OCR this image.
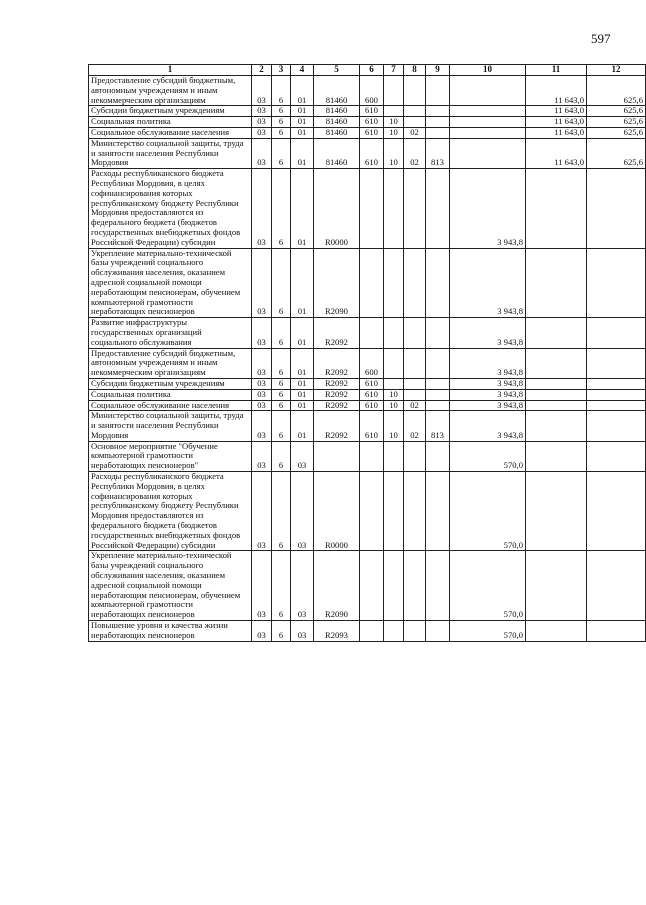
597
1	2	3	4	5	6	7	8	9	10	11	12
Предоставление субсидий бюджетным, автономным учреждениям и иным некоммерческим организациям	03	6	01	81460	600					11 643,0	625,6
Субсидии бюджетным учреждениям	03	6	01	81460	610					11 643,0	625,6
Социальная политика	03	6	01	81460	610	10				11 643,0	625,6
Социальное обслуживание населения	03	6	01	81460	610	10	02			11 643,0	625,6
Министерство социальной защиты, труда и занятости населения Республики Мордовия	03	6	01	81460	610	10	02	813		11 643,0	625,6
Расходы республиканского бюджета Республики Мордовия, в целях софинансирования которых республиканскому бюджету Республики Мордовия предоставляются из федерального бюджета (бюджетов государственных внебюджетных фондов Российской Федерации) субсидии	03	6	01	R0000					3 943,8		
Укрепление материально-технической базы учреждений социального обслуживания населения, оказанием адресной социальной помощи неработающим пенсионерам, обучением компьютерной грамотности неработающих пенсионеров	03	6	01	R2090					3 943,8		
Развитие инфраструктуры государственных организаций социального обслуживания	03	6	01	R2092					3 943,8		
Предоставление субсидий бюджетным, автономным учреждениям и иным некоммерческим организациям	03	6	01	R2092	600				3 943,8		
Субсидии бюджетным учреждениям	03	6	01	R2092	610				3 943,8		
Социальная политика	03	6	01	R2092	610	10			3 943,8		
Социальное обслуживание населения	03	6	01	R2092	610	10	02		3 943,8		
Министерство социальной защиты, труда и занятости населения Республики Мордовия	03	6	01	R2092	610	10	02	813	3 943,8		
Основное мероприятие "Обучение компьютерной грамотности неработающих пенсионеров"	03	6	03						570,0		
Расходы республиканского бюджета Республики Мордовия, в целях софинансирования которых республиканскому бюджету Республики Мордовия предоставляются из федерального бюджета (бюджетов государственных внебюджетных фондов Российской Федерации) субсидии	03	6	03	R0000					570,0		
Укрепление материально-технической базы учреждений социального обслуживания населения, оказанием адресной социальной помощи неработающим пенсионерам, обучением компьютерной грамотности неработающих пенсионеров	03	6	03	R2090					570,0		
Повышение уровня и качества жизни неработающих пенсионеров	03	6	03	R2093					570,0		
